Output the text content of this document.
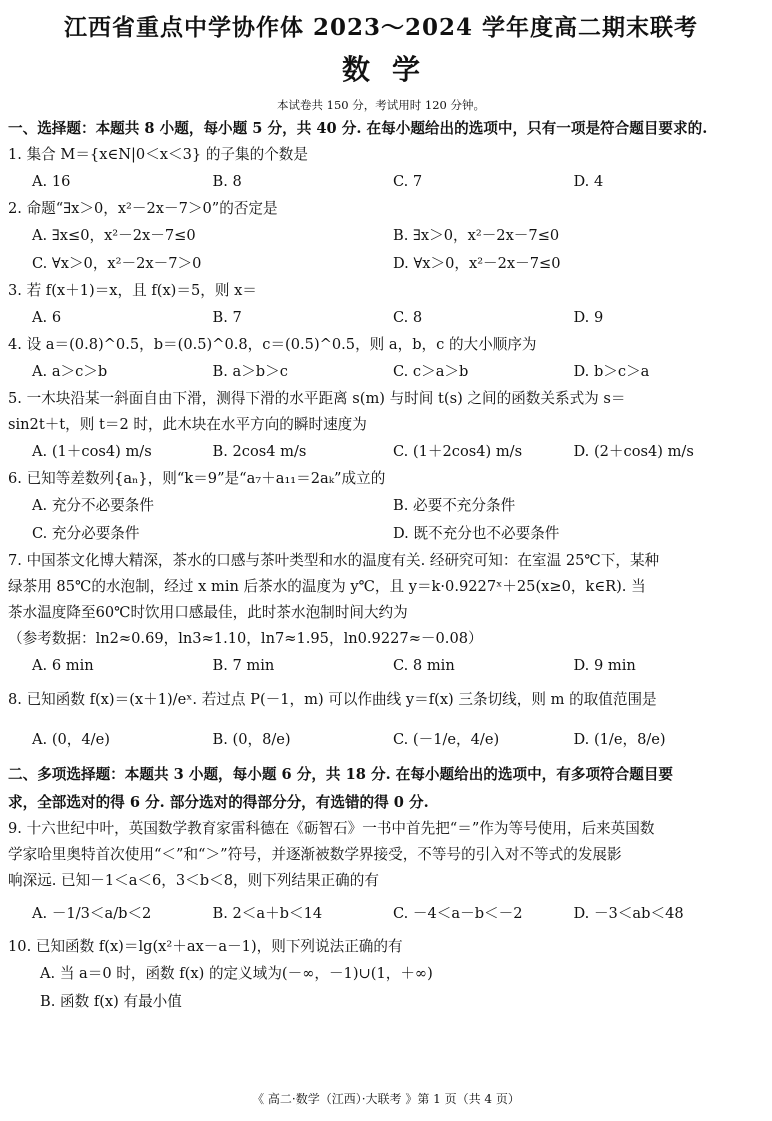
江西省重点中学协作体 2023～2024 学年度高二期末联考
数学
本试卷共 150 分，考试用时 120 分钟。
一、选择题：本题共 8 小题，每小题 5 分，共 40 分. 在每小题给出的选项中，只有一项是符合题目要求的.
1. 集合 M＝{x∈N|0＜x＜3} 的子集的个数是
A. 16	B. 8	C. 7	D. 4
2. 命题“∃x＞0，x²－2x－7＞0”的否定是
A. ∃x≤0，x²－2x－7≤0	B. ∃x＞0，x²－2x－7≤0
C. ∀x＞0，x²－2x－7＞0	D. ∀x＞0，x²－2x－7≤0
3. 若 f(x＋1)＝x，且 f(x)＝5，则 x＝
A. 6	B. 7	C. 8	D. 9
4. 设 a＝(0.8)^0.5，b＝(0.5)^0.8，c＝(0.5)^0.5，则 a，b，c 的大小顺序为
A. a＞c＞b	B. a＞b＞c	C. c＞a＞b	D. b＞c＞a
5. 一木块沿某一斜面自由下滑，测得下滑的水平距离 s(m) 与时间 t(s) 之间的函数关系式为 s＝
sin2t＋t，则 t＝2 时，此木块在水平方向的瞬时速度为
A. (1＋cos4) m/s	B. 2cos4 m/s	C. (1＋2cos4) m/s	D. (2＋cos4) m/s
6. 已知等差数列{aₙ}，则“k＝9”是“a₇＋a₁₁＝2aₖ”成立的
A. 充分不必要条件	B. 必要不充分条件
C. 充分必要条件	D. 既不充分也不必要条件
7. 中国茶文化博大精深，茶水的口感与茶叶类型和水的温度有关. 经研究可知：在室温 25℃下，某种
绿茶用 85℃的水泡制，经过 x min 后茶水的温度为 y℃，且 y＝k·0.9227ˣ＋25(x≥0，k∈R). 当
茶水温度降至60℃时饮用口感最佳，此时茶水泡制时间大约为
（参考数据：ln2≈0.69，ln3≈1.10，ln7≈1.95，ln0.9227≈－0.08）
A. 6 min	B. 7 min	C. 8 min	D. 9 min
8. 已知函数 f(x)＝(x＋1)/eˣ. 若过点 P(－1，m) 可以作曲线 y＝f(x) 三条切线，则 m 的取值范围是
A. (0，4/e)	B. (0，8/e)	C. (－1/e，4/e)	D. (1/e，8/e)
二、多项选择题：本题共 3 小题，每小题 6 分，共 18 分. 在每小题给出的选项中，有多项符合题目要
求，全部选对的得 6 分. 部分选对的得部分分，有选错的得 0 分.
9. 十六世纪中叶，英国数学教育家雷科德在《砺智石》一书中首先把“＝”作为等号使用，后来英国数
学家哈里奥特首次使用“＜”和“＞”符号，并逐渐被数学界接受，不等号的引入对不等式的发展影
响深远. 已知－1＜a＜6，3＜b＜8，则下列结果正确的有
A. －1/3＜a/b＜2	B. 2＜a＋b＜14	C. －4＜a－b＜－2	D. －3＜ab＜48
10. 已知函数 f(x)＝lg(x²＋ax－a－1)，则下列说法正确的有
A. 当 a＝0 时，函数 f(x) 的定义域为(－∞，－1)∪(1，＋∞)
B. 函数 f(x) 有最小值
《 高二·数学（江西）·大联考 》第 1 页（共 4 页）
